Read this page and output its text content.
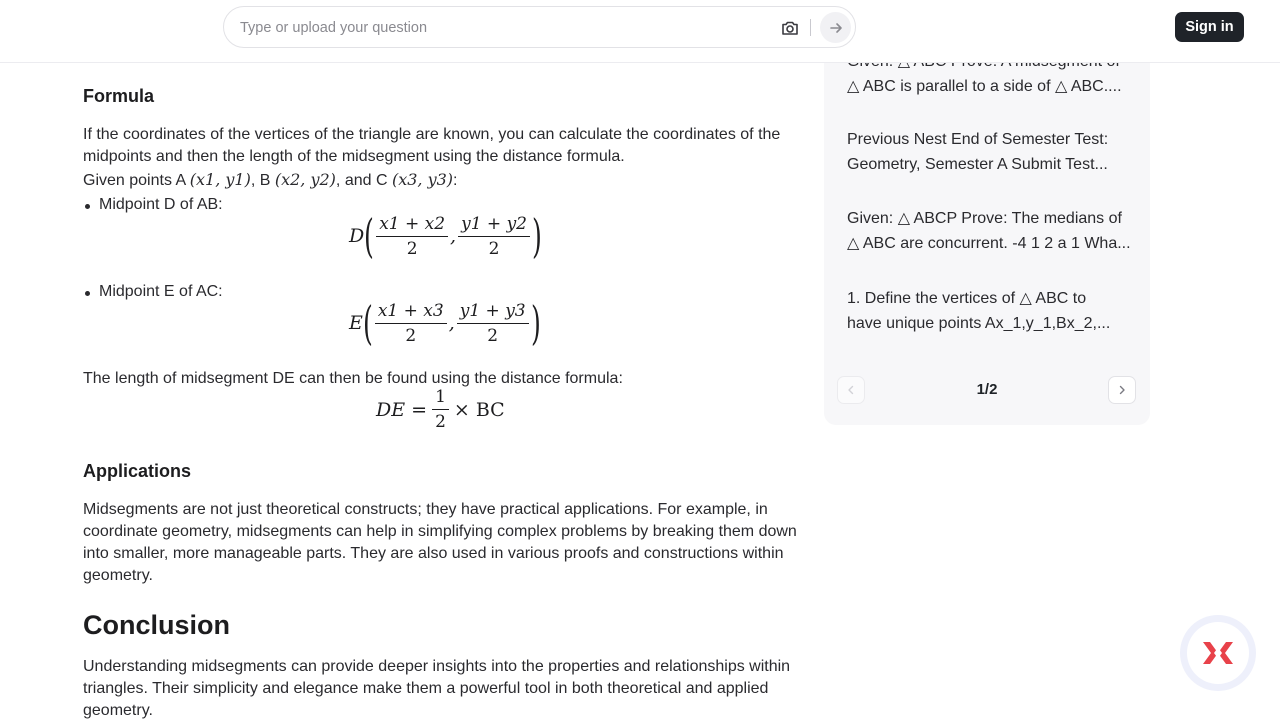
Type or upload your question
Sign in
Formula
If the coordinates of the vertices of the triangle are known, you can calculate the coordinates of the midpoints and then the length of the midsegment using the distance formula.
Given points A (x1, y1), B (x2, y2), and C (x3, y3):
Midpoint D of AB:
D ( $\frac{x1 + x2}{2}$ , $\frac{y1 + y2}{2}$ )
Midpoint E of AC:
E ( $\frac{x1 + x3}{2}$ , $\frac{y1 + y3}{2}$ )
The length of midsegment DE can then be found using the distance formula:
DE = $\frac{1}{2}$ × BC
Applications
Midsegments are not just theoretical constructs; they have practical applications. For example, in coordinate geometry, midsegments can help in simplifying complex problems by breaking them down into smaller, more manageable parts. They are also used in various proofs and constructions within geometry.
Conclusion
Understanding midsegments can provide deeper insights into the properties and relationships within triangles. Their simplicity and elegance make them a powerful tool in both theoretical and applied geometry.
△ ABC is parallel to a side of △ ABC....
Previous Nest End of Semester Test:
Geometry, Semester A Submit Test...
Given: △ ABCP Prove: The medians of
△ ABC are concurrent. -4 1 2 a 1 Wha...
1. Define the vertices of △ ABC to
have unique points Ax_1,y_1,Bx_2,...
1/2
